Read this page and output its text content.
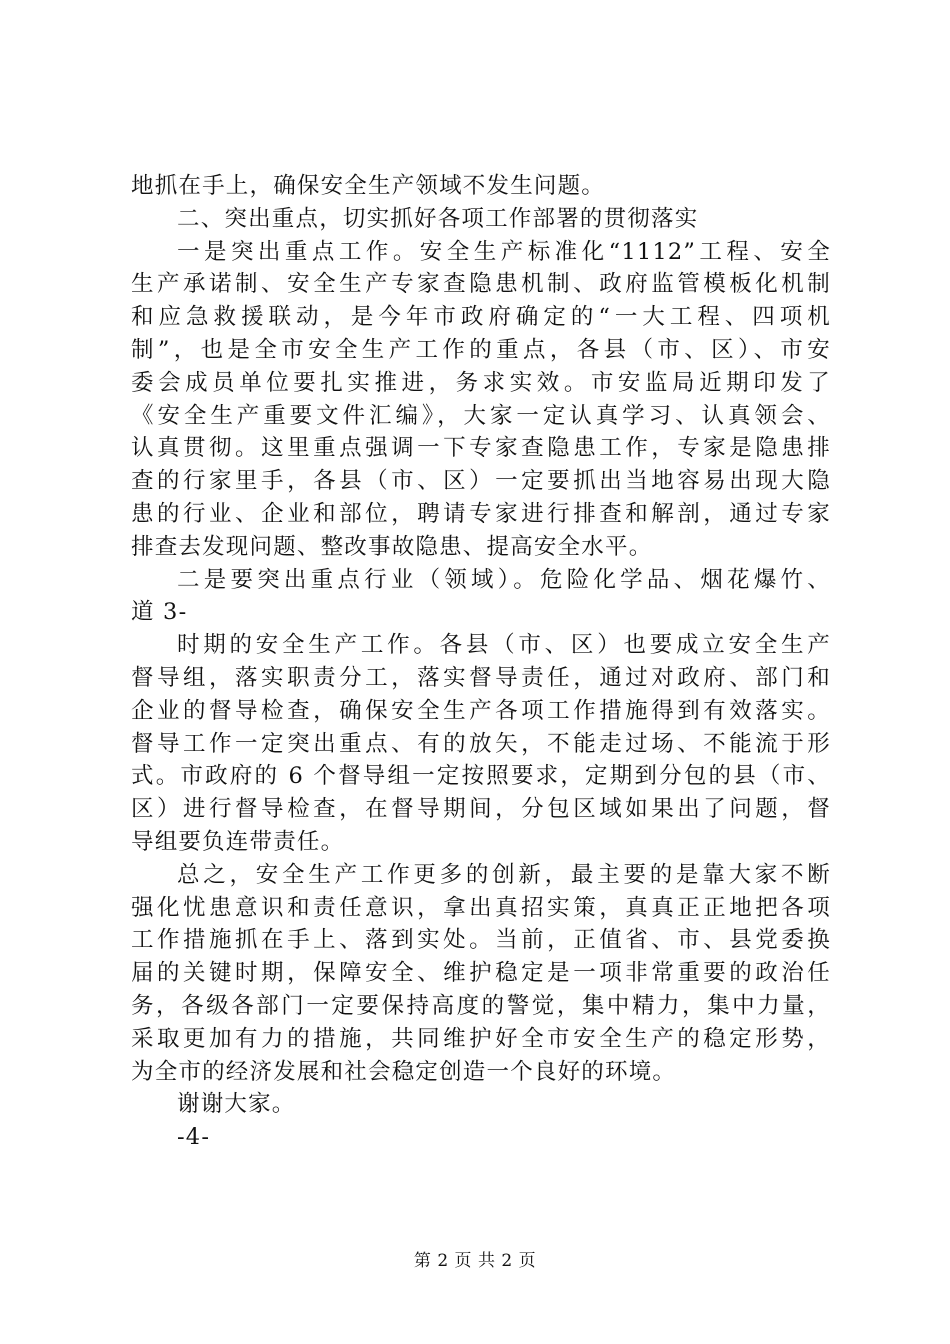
地抓在手上，确保安全生产领域不发生问题。
二、突出重点，切实抓好各项工作部署的贯彻落实
一是突出重点工作。安全生产标准化“1112”工程、安全
生产承诺制、安全生产专家查隐患机制、政府监管模板化机制
和应急救援联动，是今年市政府确定的“一大工程、四项机
制”，也是全市安全生产工作的重点，各县（市、区）、市安
委会成员单位要扎实推进，务求实效。市安监局近期印发了
《安全生产重要文件汇编》，大家一定认真学习、认真领会、
认真贯彻。这里重点强调一下专家查隐患工作，专家是隐患排
查的行家里手，各县（市、区）一定要抓出当地容易出现大隐
患的行业、企业和部位，聘请专家进行排查和解剖，通过专家
排查去发现问题、整改事故隐患、提高安全水平。
二是要突出重点行业（领域）。危险化学品、烟花爆竹、
道 3-
时期的安全生产工作。各县（市、区）也要成立安全生产
督导组，落实职责分工，落实督导责任，通过对政府、部门和
企业的督导检查，确保安全生产各项工作措施得到有效落实。
督导工作一定突出重点、有的放矢，不能走过场、不能流于形
式。市政府的 6 个督导组一定按照要求，定期到分包的县（市、
区）进行督导检查，在督导期间，分包区域如果出了问题，督
导组要负连带责任。
总之，安全生产工作更多的创新，最主要的是靠大家不断
强化忧患意识和责任意识，拿出真招实策，真真正正地把各项
工作措施抓在手上、落到实处。当前，正值省、市、县党委换
届的关键时期，保障安全、维护稳定是一项非常重要的政治任
务，各级各部门一定要保持高度的警觉，集中精力，集中力量，
采取更加有力的措施，共同维护好全市安全生产的稳定形势，
为全市的经济发展和社会稳定创造一个良好的环境。
谢谢大家。
-4-
第 2 页 共 2 页
